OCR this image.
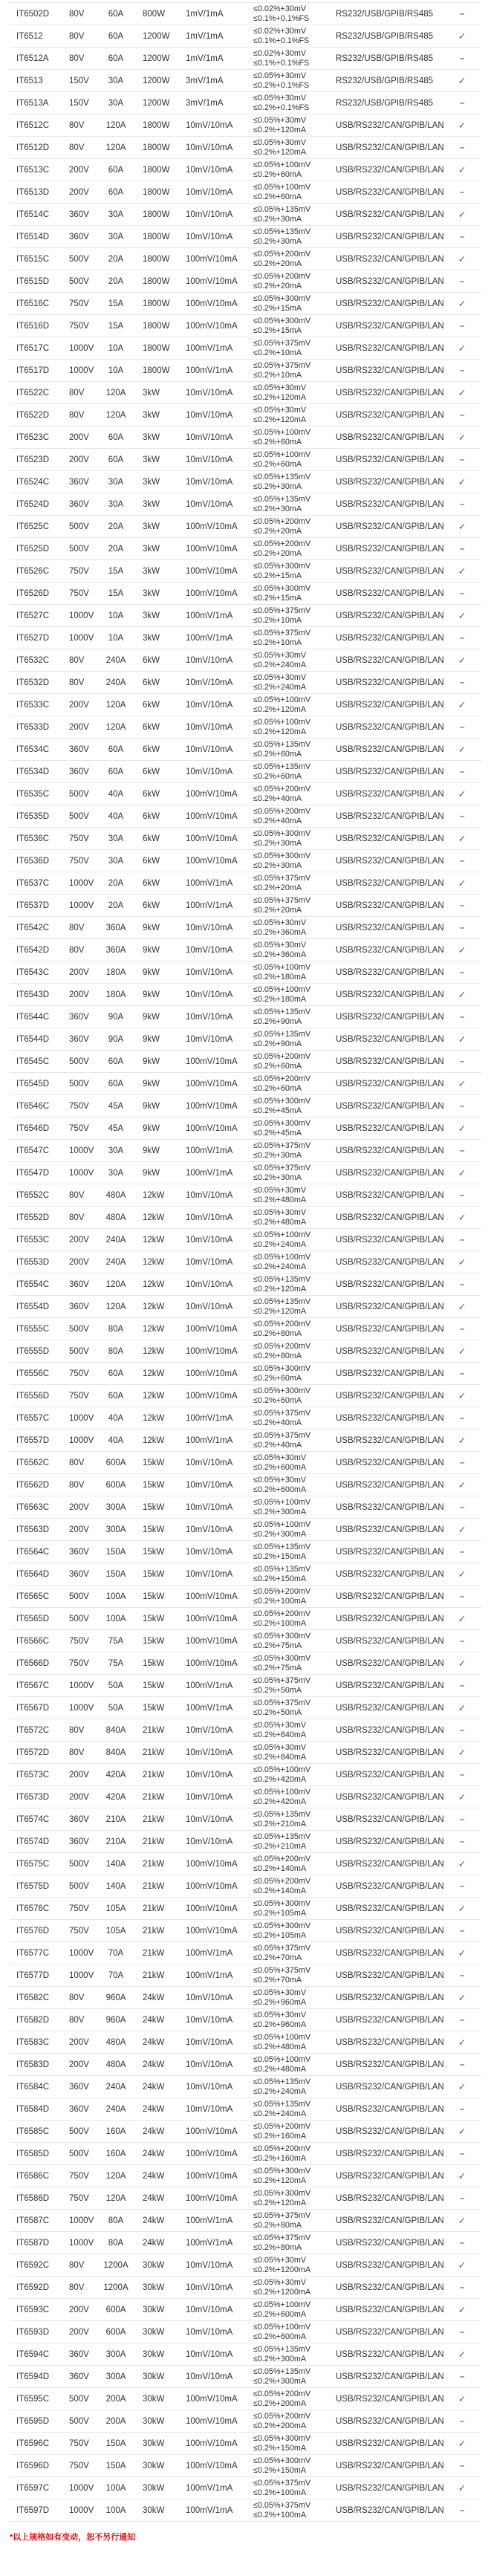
IT6502D	80V	60A	800W	1mV/1mA
≤0.02%+30mV
≤0.1%+0.1%FS	RS232/USB/GPIB/RS485	–
IT6512	80V	60A	1200W	1mV/1mA
≤0.02%+30mV
≤0.1%+0.1%FS	RS232/USB/GPIB/RS485	✓
IT6512A	80V	60A	1200W	1mV/1mA
≤0.02%+30mV
≤0.1%+0.1%FS	RS232/USB/GPIB/RS485	–
IT6513	150V	30A	1200W	3mV/1mA
≤0.05%+30mV
≤0.2%+0.1%FS	RS232/USB/GPIB/RS485	✓
IT6513A	150V	30A	1200W	3mV/1mA
≤0.05%+30mV
≤0.2%+0.1%FS	RS232/USB/GPIB/RS485	–
IT6512C	80V	120A	1800W	10mV/10mA
≤0.05%+30mV
≤0.2%+120mA	USB/RS232/CAN/GPIB/LAN	✓
IT6512D	80V	120A	1800W	10mV/10mA
≤0.05%+30mV
≤0.2%+120mA	USB/RS232/CAN/GPIB/LAN	–
IT6513C	200V	60A	1800W	10mV/10mA
≤0.05%+100mV
≤0.2%+60mA	USB/RS232/CAN/GPIB/LAN	✓
IT6513D	200V	60A	1800W	10mV/10mA
≤0.05%+100mV
≤0.2%+60mA	USB/RS232/CAN/GPIB/LAN	–
IT6514C	360V	30A	1800W	10mV/10mA
≤0.05%+135mV
≤0.2%+30mA	USB/RS232/CAN/GPIB/LAN	✓
IT6514D	360V	30A	1800W	10mV/10mA
≤0.05%+135mV
≤0.2%+30mA	USB/RS232/CAN/GPIB/LAN	–
IT6515C	500V	20A	1800W	100mV/10mA
≤0.05%+200mV
≤0.2%+20mA	USB/RS232/CAN/GPIB/LAN	✓
IT6515D	500V	20A	1800W	100mV/10mA
≤0.05%+200mV
≤0.2%+20mA	USB/RS232/CAN/GPIB/LAN	–
IT6516C	750V	15A	1800W	100mV/10mA
≤0.05%+300mV
≤0.2%+15mA	USB/RS232/CAN/GPIB/LAN	✓
IT6516D	750V	15A	1800W	100mV/10mA
≤0.05%+300mV
≤0.2%+15mA	USB/RS232/CAN/GPIB/LAN	–
IT6517C	1000V	10A	1800W	100mV/1mA
≤0.05%+375mV
≤0.2%+10mA	USB/RS232/CAN/GPIB/LAN	✓
IT6517D	1000V	10A	1800W	100mV/1mA
≤0.05%+375mV
≤0.2%+10mA	USB/RS232/CAN/GPIB/LAN	–
IT6522C	80V	120A	3kW	10mV/10mA
≤0.05%+30mV
≤0.2%+120mA	USB/RS232/CAN/GPIB/LAN	✓
IT6522D	80V	120A	3kW	10mV/10mA
≤0.05%+30mV
≤0.2%+120mA	USB/RS232/CAN/GPIB/LAN	–
IT6523C	200V	60A	3kW	10mV/10mA
≤0.05%+100mV
≤0.2%+60mA	USB/RS232/CAN/GPIB/LAN	✓
IT6523D	200V	60A	3kW	10mV/10mA
≤0.05%+100mV
≤0.2%+60mA	USB/RS232/CAN/GPIB/LAN	–
IT6524C	360V	30A	3kW	10mV/10mA
≤0.05%+135mV
≤0.2%+30mA	USB/RS232/CAN/GPIB/LAN	✓
IT6524D	360V	30A	3kW	10mV/10mA
≤0.05%+135mV
≤0.2%+30mA	USB/RS232/CAN/GPIB/LAN	–
IT6525C	500V	20A	3kW	100mV/10mA
≤0.05%+200mV
≤0.2%+20mA	USB/RS232/CAN/GPIB/LAN	✓
IT6525D	500V	20A	3kW	100mV/10mA
≤0.05%+200mV
≤0.2%+20mA	USB/RS232/CAN/GPIB/LAN	–
IT6526C	750V	15A	3kW	100mV/10mA
≤0.05%+300mV
≤0.2%+15mA	USB/RS232/CAN/GPIB/LAN	✓
IT6526D	750V	15A	3kW	100mV/10mA
≤0.05%+300mV
≤0.2%+15mA	USB/RS232/CAN/GPIB/LAN	–
IT6527C	1000V	10A	3kW	100mV/1mA
≤0.05%+375mV
≤0.2%+10mA	USB/RS232/CAN/GPIB/LAN	✓
IT6527D	1000V	10A	3kW	100mV/1mA
≤0.05%+375mV
≤0.2%+10mA	USB/RS232/CAN/GPIB/LAN	–
IT6532C	80V	240A	6kW	10mV/10mA
≤0.05%+30mV
≤0.2%+240mA	USB/RS232/CAN/GPIB/LAN	✓
IT6532D	80V	240A	6kW	10mV/10mA
≤0.05%+30mV
≤0.2%+240mA	USB/RS232/CAN/GPIB/LAN	–
IT6533C	200V	120A	6kW	10mV/10mA
≤0.05%+100mV
≤0.2%+120mA	USB/RS232/CAN/GPIB/LAN	✓
IT6533D	200V	120A	6kW	10mV/10mA
≤0.05%+100mV
≤0.2%+120mA	USB/RS232/CAN/GPIB/LAN	–
IT6534C	360V	60A	6kW	10mV/10mA
≤0.05%+135mV
≤0.2%+60mA	USB/RS232/CAN/GPIB/LAN	✓
IT6534D	360V	60A	6kW	10mV/10mA
≤0.05%+135mV
≤0.2%+60mA	USB/RS232/CAN/GPIB/LAN	–
IT6535C	500V	40A	6kW	100mV/10mA
≤0.05%+200mV
≤0.2%+40mA	USB/RS232/CAN/GPIB/LAN	✓
IT6535D	500V	40A	6kW	100mV/10mA
≤0.05%+200mV
≤0.2%+40mA	USB/RS232/CAN/GPIB/LAN	–
IT6536C	750V	30A	6kW	100mV/10mA
≤0.05%+300mV
≤0.2%+30mA	USB/RS232/CAN/GPIB/LAN	✓
IT6536D	750V	30A	6kW	100mV/10mA
≤0.05%+300mV
≤0.2%+30mA	USB/RS232/CAN/GPIB/LAN	–
IT6537C	1000V	20A	6kW	100mV/1mA
≤0.05%+375mV
≤0.2%+20mA	USB/RS232/CAN/GPIB/LAN	✓
IT6537D	1000V	20A	6kW	100mV/1mA
≤0.05%+375mV
≤0.2%+20mA	USB/RS232/CAN/GPIB/LAN	–
IT6542C	80V	360A	9kW	10mV/10mA
≤0.05%+30mV
≤0.2%+360mA	USB/RS232/CAN/GPIB/LAN	–
IT6542D	80V	360A	9kW	10mV/10mA
≤0.05%+30mV
≤0.2%+360mA	USB/RS232/CAN/GPIB/LAN	✓
IT6543C	200V	180A	9kW	10mV/10mA
≤0.05%+100mV
≤0.2%+180mA	USB/RS232/CAN/GPIB/LAN	–
IT6543D	200V	180A	9kW	10mV/10mA
≤0.05%+100mV
≤0.2%+180mA	USB/RS232/CAN/GPIB/LAN	✓
IT6544C	360V	90A	9kW	10mV/10mA
≤0.05%+135mV
≤0.2%+90mA	USB/RS232/CAN/GPIB/LAN	–
IT6544D	360V	90A	9kW	10mV/10mA
≤0.05%+135mV
≤0.2%+90mA	USB/RS232/CAN/GPIB/LAN	✓
IT6545C	500V	60A	9kW	100mV/10mA
≤0.05%+200mV
≤0.2%+60mA	USB/RS232/CAN/GPIB/LAN	–
IT6545D	500V	60A	9kW	100mV/10mA
≤0.05%+200mV
≤0.2%+60mA	USB/RS232/CAN/GPIB/LAN	✓
IT6546C	750V	45A	9kW	100mV/10mA
≤0.05%+300mV
≤0.2%+45mA	USB/RS232/CAN/GPIB/LAN	–
IT6546D	750V	45A	9kW	100mV/10mA
≤0.05%+300mV
≤0.2%+45mA	USB/RS232/CAN/GPIB/LAN	✓
IT6547C	1000V	30A	9kW	100mV/1mA
≤0.05%+375mV
≤0.2%+30mA	USB/RS232/CAN/GPIB/LAN	–
IT6547D	1000V	30A	9kW	100mV/1mA
≤0.05%+375mV
≤0.2%+30mA	USB/RS232/CAN/GPIB/LAN	✓
IT6552C	80V	480A	12kW	10mV/10mA
≤0.05%+30mV
≤0.2%+480mA	USB/RS232/CAN/GPIB/LAN	–
IT6552D	80V	480A	12kW	10mV/10mA
≤0.05%+30mV
≤0.2%+480mA	USB/RS232/CAN/GPIB/LAN	✓
IT6553C	200V	240A	12kW	10mV/10mA
≤0.05%+100mV
≤0.2%+240mA	USB/RS232/CAN/GPIB/LAN	–
IT6553D	200V	240A	12kW	10mV/10mA
≤0.05%+100mV
≤0.2%+240mA	USB/RS232/CAN/GPIB/LAN	✓
IT6554C	360V	120A	12kW	10mV/10mA
≤0.05%+135mV
≤0.2%+120mA	USB/RS232/CAN/GPIB/LAN	–
IT6554D	360V	120A	12kW	10mV/10mA
≤0.05%+135mV
≤0.2%+120mA	USB/RS232/CAN/GPIB/LAN	✓
IT6555C	500V	80A	12kW	100mV/10mA
≤0.05%+200mV
≤0.2%+80mA	USB/RS232/CAN/GPIB/LAN	–
IT6555D	500V	80A	12kW	100mV/10mA
≤0.05%+200mV
≤0.2%+80mA	USB/RS232/CAN/GPIB/LAN	✓
IT6556C	750V	60A	12kW	100mV/10mA
≤0.05%+300mV
≤0.2%+60mA	USB/RS232/CAN/GPIB/LAN	–
IT6556D	750V	60A	12kW	100mV/10mA
≤0.05%+300mV
≤0.2%+60mA	USB/RS232/CAN/GPIB/LAN	✓
IT6557C	1000V	40A	12kW	100mV/1mA
≤0.05%+375mV
≤0.2%+40mA	USB/RS232/CAN/GPIB/LAN	–
IT6557D	1000V	40A	12kW	100mV/1mA
≤0.05%+375mV
≤0.2%+40mA	USB/RS232/CAN/GPIB/LAN	✓
IT6562C	80V	600A	15kW	10mV/10mA
≤0.05%+30mV
≤0.2%+600mA	USB/RS232/CAN/GPIB/LAN	–
IT6562D	80V	600A	15kW	10mV/10mA
≤0.05%+30mV
≤0.2%+600mA	USB/RS232/CAN/GPIB/LAN	✓
IT6563C	200V	300A	15kW	10mV/10mA
≤0.05%+100mV
≤0.2%+300mA	USB/RS232/CAN/GPIB/LAN	–
IT6563D	200V	300A	15kW	10mV/10mA
≤0.05%+100mV
≤0.2%+300mA	USB/RS232/CAN/GPIB/LAN	✓
IT6564C	360V	150A	15kW	10mV/10mA
≤0.05%+135mV
≤0.2%+150mA	USB/RS232/CAN/GPIB/LAN	–
IT6564D	360V	150A	15kW	10mV/10mA
≤0.05%+135mV
≤0.2%+150mA	USB/RS232/CAN/GPIB/LAN	✓
IT6565C	500V	100A	15kW	100mV/10mA
≤0.05%+200mV
≤0.2%+100mA	USB/RS232/CAN/GPIB/LAN	–
IT6565D	500V	100A	15kW	100mV/10mA
≤0.05%+200mV
≤0.2%+100mA	USB/RS232/CAN/GPIB/LAN	✓
IT6566C	750V	75A	15kW	100mV/10mA
≤0.05%+300mV
≤0.2%+75mA	USB/RS232/CAN/GPIB/LAN	–
IT6566D	750V	75A	15kW	100mV/10mA
≤0.05%+300mV
≤0.2%+75mA	USB/RS232/CAN/GPIB/LAN	✓
IT6567C	1000V	50A	15kW	100mV/1mA
≤0.05%+375mV
≤0.2%+50mA	USB/RS232/CAN/GPIB/LAN	–
IT6567D	1000V	50A	15kW	100mV/1mA
≤0.05%+375mV
≤0.2%+50mA	USB/RS232/CAN/GPIB/LAN	✓
IT6572C	80V	840A	21kW	10mV/10mA
≤0.05%+30mV
≤0.2%+840mA	USB/RS232/CAN/GPIB/LAN	–
IT6572D	80V	840A	21kW	10mV/10mA
≤0.05%+30mV
≤0.2%+840mA	USB/RS232/CAN/GPIB/LAN	✓
IT6573C	200V	420A	21kW	10mV/10mA
≤0.05%+100mV
≤0.2%+420mA	USB/RS232/CAN/GPIB/LAN	–
IT6573D	200V	420A	21kW	10mV/10mA
≤0.05%+100mV
≤0.2%+420mA	USB/RS232/CAN/GPIB/LAN	✓
IT6574C	360V	210A	21kW	10mV/10mA
≤0.05%+135mV
≤0.2%+210mA	USB/RS232/CAN/GPIB/LAN	–
IT6574D	360V	210A	21kW	10mV/10mA
≤0.05%+135mV
≤0.2%+210mA	USB/RS232/CAN/GPIB/LAN	–
IT6575C	500V	140A	21kW	100mV/10mA
≤0.05%+200mV
≤0.2%+140mA	USB/RS232/CAN/GPIB/LAN	✓
IT6575D	500V	140A	21kW	100mV/10mA
≤0.05%+200mV
≤0.2%+140mA	USB/RS232/CAN/GPIB/LAN	–
IT6576C	750V	105A	21kW	100mV/10mA
≤0.05%+300mV
≤0.2%+105mA	USB/RS232/CAN/GPIB/LAN	✓
IT6576D	750V	105A	21kW	100mV/10mA
≤0.05%+300mV
≤0.2%+105mA	USB/RS232/CAN/GPIB/LAN	–
IT6577C	1000V	70A	21kW	100mV/1mA
≤0.05%+375mV
≤0.2%+70mA	USB/RS232/CAN/GPIB/LAN	✓
IT6577D	1000V	70A	21kW	100mV/1mA
≤0.05%+375mV
≤0.2%+70mA	USB/RS232/CAN/GPIB/LAN	–
IT6582C	80V	960A	24kW	10mV/10mA
≤0.05%+30mV
≤0.2%+960mA	USB/RS232/CAN/GPIB/LAN	✓
IT6582D	80V	960A	24kW	10mV/10mA
≤0.05%+30mV
≤0.2%+960mA	USB/RS232/CAN/GPIB/LAN	–
IT6583C	200V	480A	24kW	10mV/10mA
≤0.05%+100mV
≤0.2%+480mA	USB/RS232/CAN/GPIB/LAN	✓
IT6583D	200V	480A	24kW	10mV/10mA
≤0.05%+100mV
≤0.2%+480mA	USB/RS232/CAN/GPIB/LAN	–
IT6584C	360V	240A	24kW	10mV/10mA
≤0.05%+135mV
≤0.2%+240mA	USB/RS232/CAN/GPIB/LAN	✓
IT6584D	360V	240A	24kW	10mV/10mA
≤0.05%+135mV
≤0.2%+240mA	USB/RS232/CAN/GPIB/LAN	–
IT6585C	500V	160A	24kW	100mV/10mA
≤0.05%+200mV
≤0.2%+160mA	USB/RS232/CAN/GPIB/LAN	✓
IT6585D	500V	160A	24kW	100mV/10mA
≤0.05%+200mV
≤0.2%+160mA	USB/RS232/CAN/GPIB/LAN	–
IT6586C	750V	120A	24kW	100mV/10mA
≤0.05%+300mV
≤0.2%+120mA	USB/RS232/CAN/GPIB/LAN	✓
IT6586D	750V	120A	24kW	100mV/10mA
≤0.05%+300mV
≤0.2%+120mA	USB/RS232/CAN/GPIB/LAN	–
IT6587C	1000V	80A	24kW	100mV/1mA
≤0.05%+375mV
≤0.2%+80mA	USB/RS232/CAN/GPIB/LAN	✓
IT6587D	1000V	80A	24kW	100mV/1mA
≤0.05%+375mV
≤0.2%+80mA	USB/RS232/CAN/GPIB/LAN	–
IT6592C	80V	1200A	30kW	10mV/10mA
≤0.05%+30mV
≤0.2%+1200mA	USB/RS232/CAN/GPIB/LAN	✓
IT6592D	80V	1200A	30kW	10mV/10mA
≤0.05%+30mV
≤0.2%+1200mA	USB/RS232/CAN/GPIB/LAN	–
IT6593C	200V	600A	30kW	10mV/10mA
≤0.05%+100mV
≤0.2%+600mA	USB/RS232/CAN/GPIB/LAN	✓
IT6593D	200V	600A	30kW	10mV/10mA
≤0.05%+100mV
≤0.2%+600mA	USB/RS232/CAN/GPIB/LAN	–
IT6594C	360V	300A	30kW	10mV/10mA
≤0.05%+135mV
≤0.2%+300mA	USB/RS232/CAN/GPIB/LAN	✓
IT6594D	360V	300A	30kW	10mV/10mA
≤0.05%+135mV
≤0.2%+300mA	USB/RS232/CAN/GPIB/LAN	–
IT6595C	500V	200A	30kW	100mV/10mA
≤0.05%+200mV
≤0.2%+200mA	USB/RS232/CAN/GPIB/LAN	✓
IT6595D	500V	200A	30kW	100mV/10mA
≤0.05%+200mV
≤0.2%+200mA	USB/RS232/CAN/GPIB/LAN	–
IT6596C	750V	150A	30kW	100mV/10mA
≤0.05%+300mV
≤0.2%+150mA	USB/RS232/CAN/GPIB/LAN	✓
IT6596D	750V	150A	30kW	100mV/10mA
≤0.05%+300mV
≤0.2%+150mA	USB/RS232/CAN/GPIB/LAN	–
IT6597C	1000V	100A	30kW	100mV/1mA
≤0.05%+375mV
≤0.2%+100mA	USB/RS232/CAN/GPIB/LAN	✓
IT6597D	1000V	100A	30kW	100mV/1mA
≤0.05%+375mV
≤0.2%+100mA	USB/RS232/CAN/GPIB/LAN	–
*以上规格如有变动，恕不另行通知
